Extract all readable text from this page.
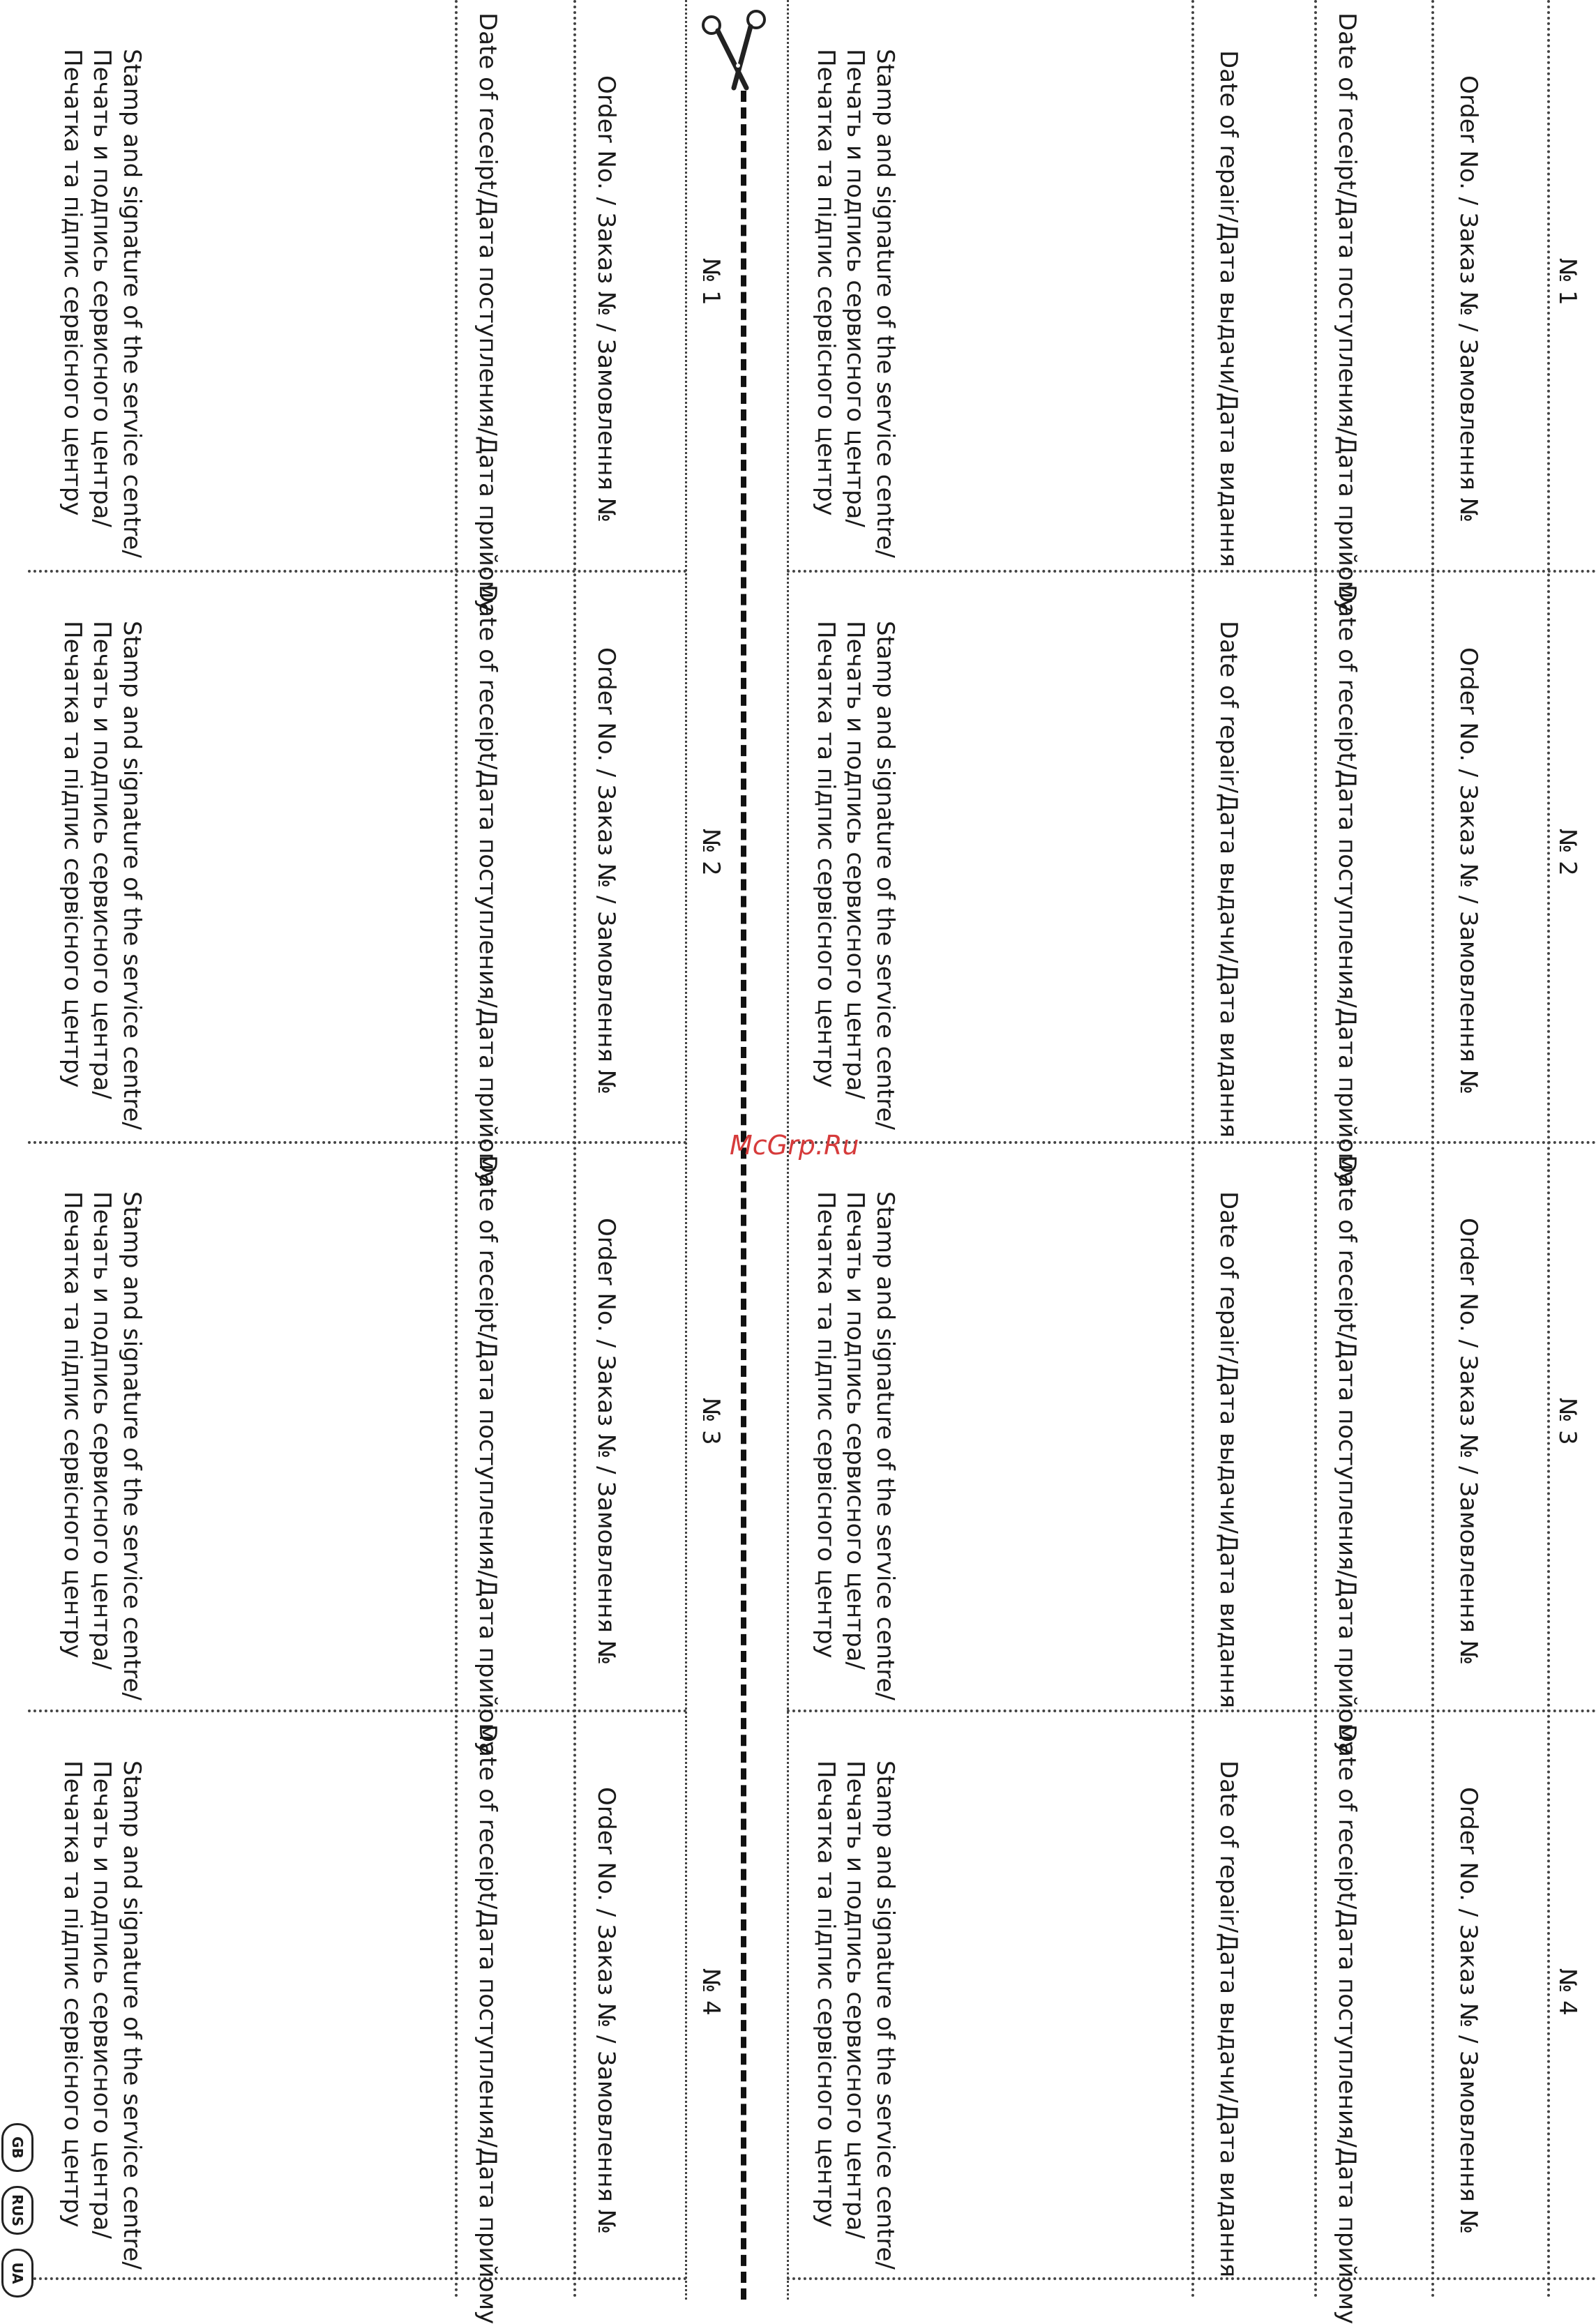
№ 1
Order No. / Заказ № / Замовлення №
Date of receipt/Дата поступления/Дата прийому
Date of repair/Дата выдачи/Дата видання
Stamp and signature of the service centre/
Печать и подпись сервисного центра/
Печатка та підпис сервісного центру
№ 1
Order No. / Заказ № / Замовлення №
Date of receipt/Дата поступления/Дата прийому
Stamp and signature of the service centre/
Печать и подпись сервисного центра/
Печатка та підпис сервісного центру
№ 2
Order No. / Заказ № / Замовлення №
Date of receipt/Дата поступления/Дата прийому
Date of repair/Дата выдачи/Дата видання
Stamp and signature of the service centre/
Печать и подпись сервисного центра/
Печатка та підпис сервісного центру
№ 2
Order No. / Заказ № / Замовлення №
Date of receipt/Дата поступления/Дата прийому
Stamp and signature of the service centre/
Печать и подпись сервисного центра/
Печатка та підпис сервісного центру
№ 3
Order No. / Заказ № / Замовлення №
Date of receipt/Дата поступления/Дата прийому
Date of repair/Дата выдачи/Дата видання
Stamp and signature of the service centre/
Печать и подпись сервисного центра/
Печатка та підпис сервісного центру
№ 3
Order No. / Заказ № / Замовлення №
Date of receipt/Дата поступления/Дата прийому
Stamp and signature of the service centre/
Печать и подпись сервисного центра/
Печатка та підпис сервісного центру
№ 4
Order No. / Заказ № / Замовлення №
Date of receipt/Дата поступления/Дата прийому
Date of repair/Дата выдачи/Дата видання
Stamp and signature of the service centre/
Печать и подпись сервисного центра/
Печатка та підпис сервісного центру
№ 4
Order No. / Заказ № / Замовлення №
Date of receipt/Дата поступления/Дата прийому
Stamp and signature of the service centre/
Печать и подпись сервисного центра/
Печатка та підпис сервісного центру
McGrp.Ru
GB
RUS
UA
